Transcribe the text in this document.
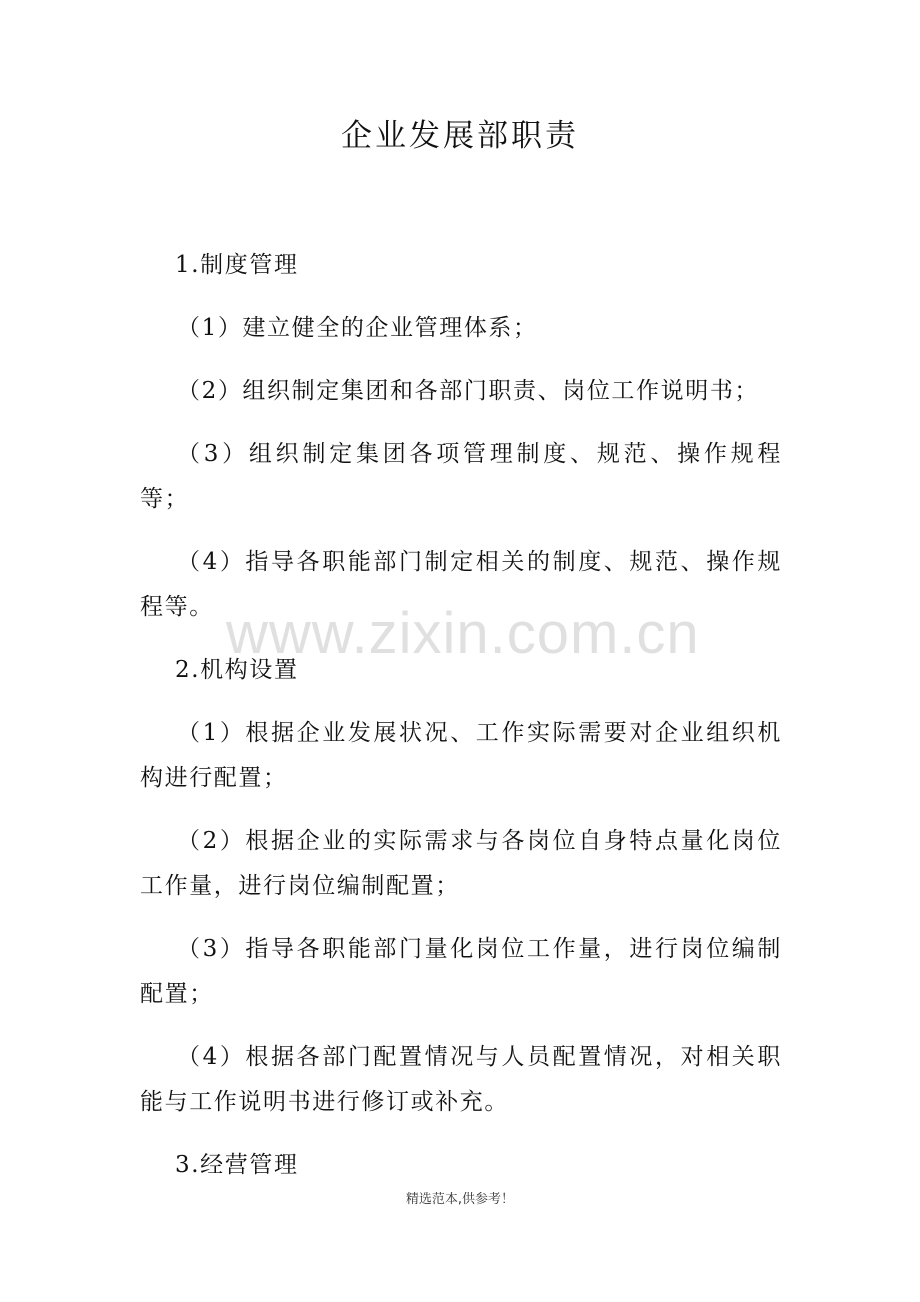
企业发展部职责
www.zixin.com.cn

1.制度管理

（1）建立健全的企业管理体系；

（2）组织制定集团和各部门职责、岗位工作说明书；

（3）组织制定集团各项管理制度、规范、操作规程等；

（4）指导各职能部门制定相关的制度、规范、操作规程等。

2.机构设置

（1）根据企业发展状况、工作实际需要对企业组织机构进行配置；

（2）根据企业的实际需求与各岗位自身特点量化岗位工作量，进行岗位编制配置；

（3）指导各职能部门量化岗位工作量，进行岗位编制配置；

（4）根据各部门配置情况与人员配置情况，对相关职能与工作说明书进行修订或补充。

3.经营管理

精选范本,供参考！
